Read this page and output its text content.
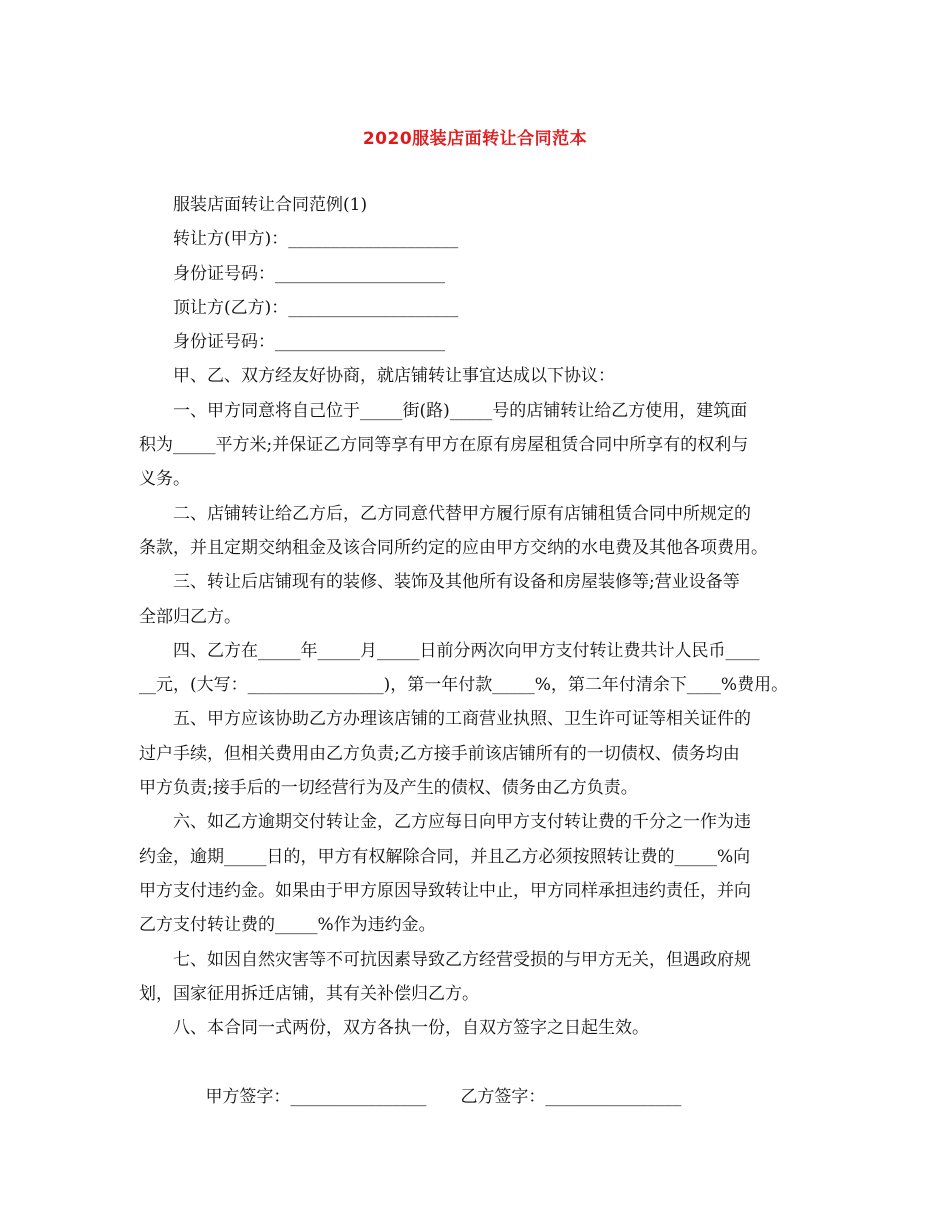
2020服装店面转让合同范本
服装店面转让合同范例(1)
转让方(甲方)：____________________
身份证号码：____________________
顶让方(乙方)：____________________
身份证号码：____________________
甲、乙、双方经友好协商，就店铺转让事宜达成以下协议：
一、甲方同意将自己位于_____街(路)_____号的店铺转让给乙方使用，建筑面
积为_____平方米;并保证乙方同等享有甲方在原有房屋租赁合同中所享有的权利与
义务。
二、店铺转让给乙方后，乙方同意代替甲方履行原有店铺租赁合同中所规定的
条款，并且定期交纳租金及该合同所约定的应由甲方交纳的水电费及其他各项费用。
三、转让后店铺现有的装修、装饰及其他所有设备和房屋装修等;营业设备等
全部归乙方。
四、乙方在_____年_____月_____日前分两次向甲方支付转让费共计人民币____
__元，(大写：________________)，第一年付款_____%，第二年付清余下____%费用。
五、甲方应该协助乙方办理该店铺的工商营业执照、卫生许可证等相关证件的
过户手续，但相关费用由乙方负责;乙方接手前该店铺所有的一切债权、债务均由
甲方负责;接手后的一切经营行为及产生的债权、债务由乙方负责。
六、如乙方逾期交付转让金，乙方应每日向甲方支付转让费的千分之一作为违
约金，逾期_____日的，甲方有权解除合同，并且乙方必须按照转让费的_____%向
甲方支付违约金。如果由于甲方原因导致转让中止，甲方同样承担违约责任，并向
乙方支付转让费的_____%作为违约金。
七、如因自然灾害等不可抗因素导致乙方经营受损的与甲方无关，但遇政府规
划，国家征用拆迁店铺，其有关补偿归乙方。
八、本合同一式两份，双方各执一份，自双方签字之日起生效。

甲方签字：________________ 乙方签字：________________
